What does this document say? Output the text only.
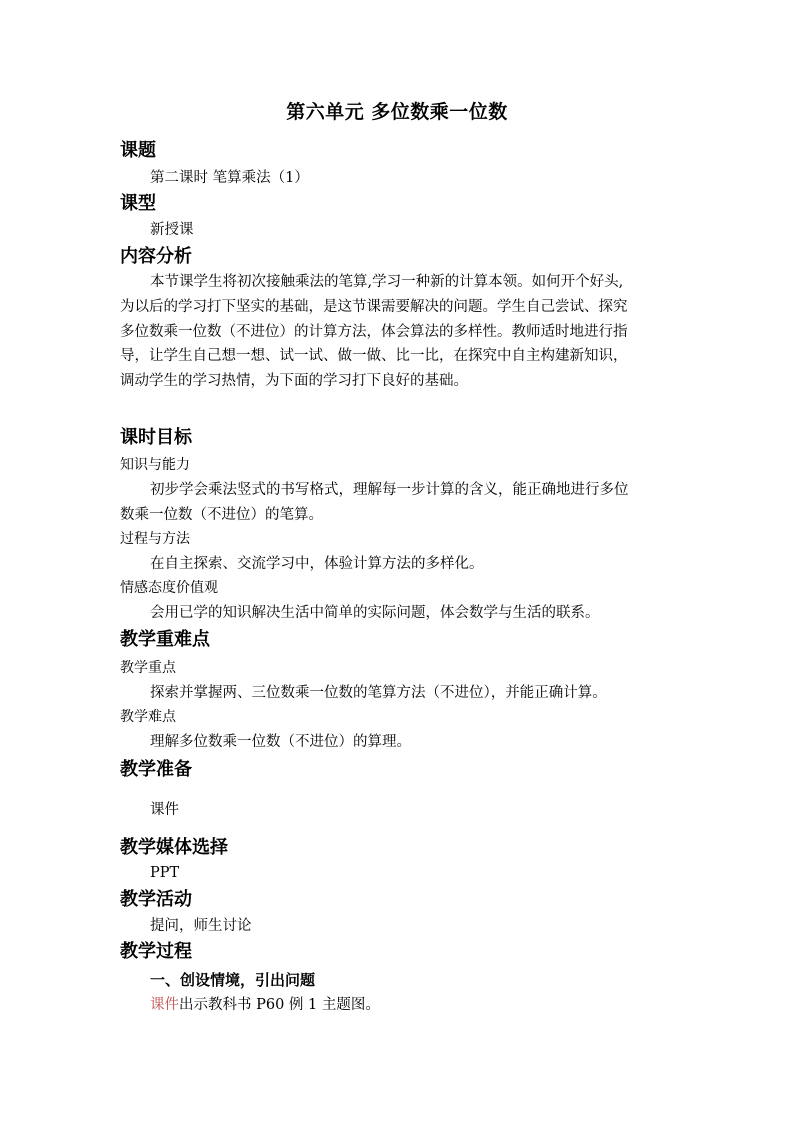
第六单元 多位数乘一位数
课题
第二课时 笔算乘法（1）
课型
新授课
内容分析
本节课学生将初次接触乘法的笔算,学习一种新的计算本领。如何开个好头,
为以后的学习打下坚实的基础，是这节课需要解决的问题。学生自己尝试、探究
多位数乘一位数（不进位）的计算方法，体会算法的多样性。教师适时地进行指
导，让学生自己想一想、试一试、做一做、比一比，在探究中自主构建新知识，
调动学生的学习热情，为下面的学习打下良好的基础。
课时目标
知识与能力
初步学会乘法竖式的书写格式，理解每一步计算的含义，能正确地进行多位
数乘一位数（不进位）的笔算。
过程与方法
在自主探索、交流学习中，体验计算方法的多样化。
情感态度价值观
会用已学的知识解决生活中简单的实际问题，体会数学与生活的联系。
教学重难点
教学重点
探索并掌握两、三位数乘一位数的笔算方法（不进位），并能正确计算。
教学难点
理解多位数乘一位数（不进位）的算理。
教学准备
课件
教学媒体选择
PPT
教学活动
提问，师生讨论
教学过程
一、创设情境，引出问题
课件出示教科书 P60 例 1 主题图。
